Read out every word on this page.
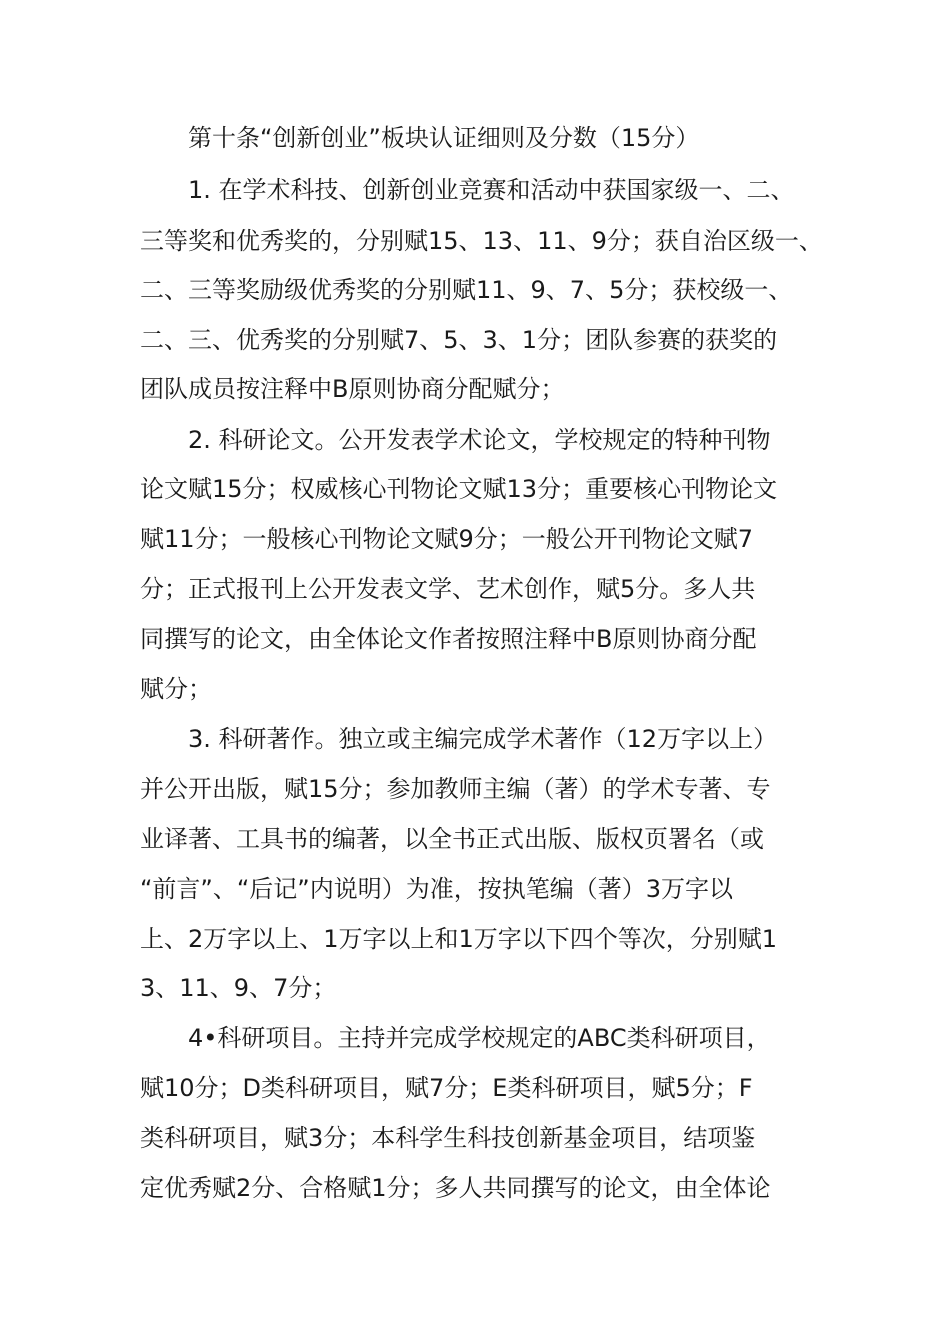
第十条“创新创业”板块认证细则及分数（15分）
1. 在学术科技、创新创业竞赛和活动中获国家级一、二、
三等奖和优秀奖的，分别赋15、13、11、9分；获自治区级一、
二、三等奖励级优秀奖的分别赋11、9、7、5分；获校级一、
二、三、优秀奖的分别赋7、5、3、1分；团队参赛的获奖的
团队成员按注释中B原则协商分配赋分；
2. 科研论文。公开发表学术论文，学校规定的特种刊物
论文赋15分；权威核心刊物论文赋13分；重要核心刊物论文
赋11分；一般核心刊物论文赋9分；一般公开刊物论文赋7
分；正式报刊上公开发表文学、艺术创作，赋5分。多人共
同撰写的论文，由全体论文作者按照注释中B原则协商分配
赋分；
3. 科研著作。独立或主编完成学术著作（12万字以上）
并公开出版，赋15分；参加教师主编（著）的学术专著、专
业译著、工具书的编著，以全书正式出版、版权页署名（或
“前言”、“后记”内说明）为准，按执笔编（著）3万字以
上、2万字以上、1万字以上和1万字以下四个等次，分别赋1
3、11、9、7分；
4•科研项目。主持并完成学校规定的ABC类科研项目，
赋10分；D类科研项目，赋7分；E类科研项目，赋5分；F
类科研项目，赋3分；本科学生科技创新基金项目，结项鉴
定优秀赋2分、合格赋1分；多人共同撰写的论文，由全体论
